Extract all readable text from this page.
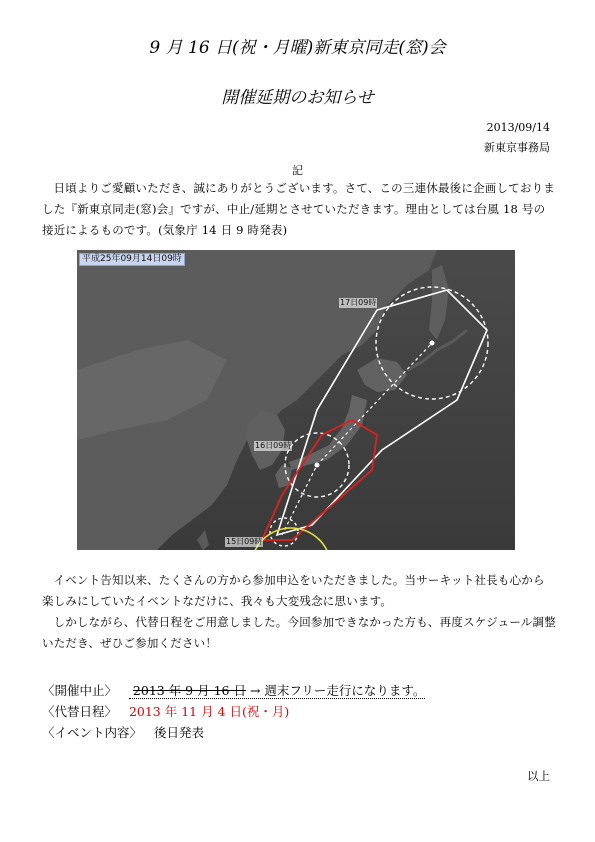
9 月 16 日(祝・月曜)新東京同走(窓)会
開催延期のお知らせ
2013/09/14
新東京事務局
記

日頃よりご愛顧いただき、誠にありがとうございます。さて、この三連休最後に企画しておりました『新東京同走(窓)会』ですが、中止/延期とさせていただきます。理由としては台風 18 号の接近によるものです。(気象庁 14 日 9 時発表)

平成25年09月14日09時
17日09時
16日09時
15日09時

イベント告知以来、たくさんの方から参加申込をいただきました。当サーキット社長も心から楽しみにしていたイベントなだけに、我々も大変残念に思います。

しかしながら、代替日程をご用意しました。今回参加できなかった方も、再度スケジュール調整いただき、ぜひご参加ください！

〈開催中止〉 2013 年 9 月 16 日 → 週末フリー走行になります。
〈代替日程〉 2013 年 11 月 4 日(祝・月)
〈イベント内容〉 後日発表
以上
